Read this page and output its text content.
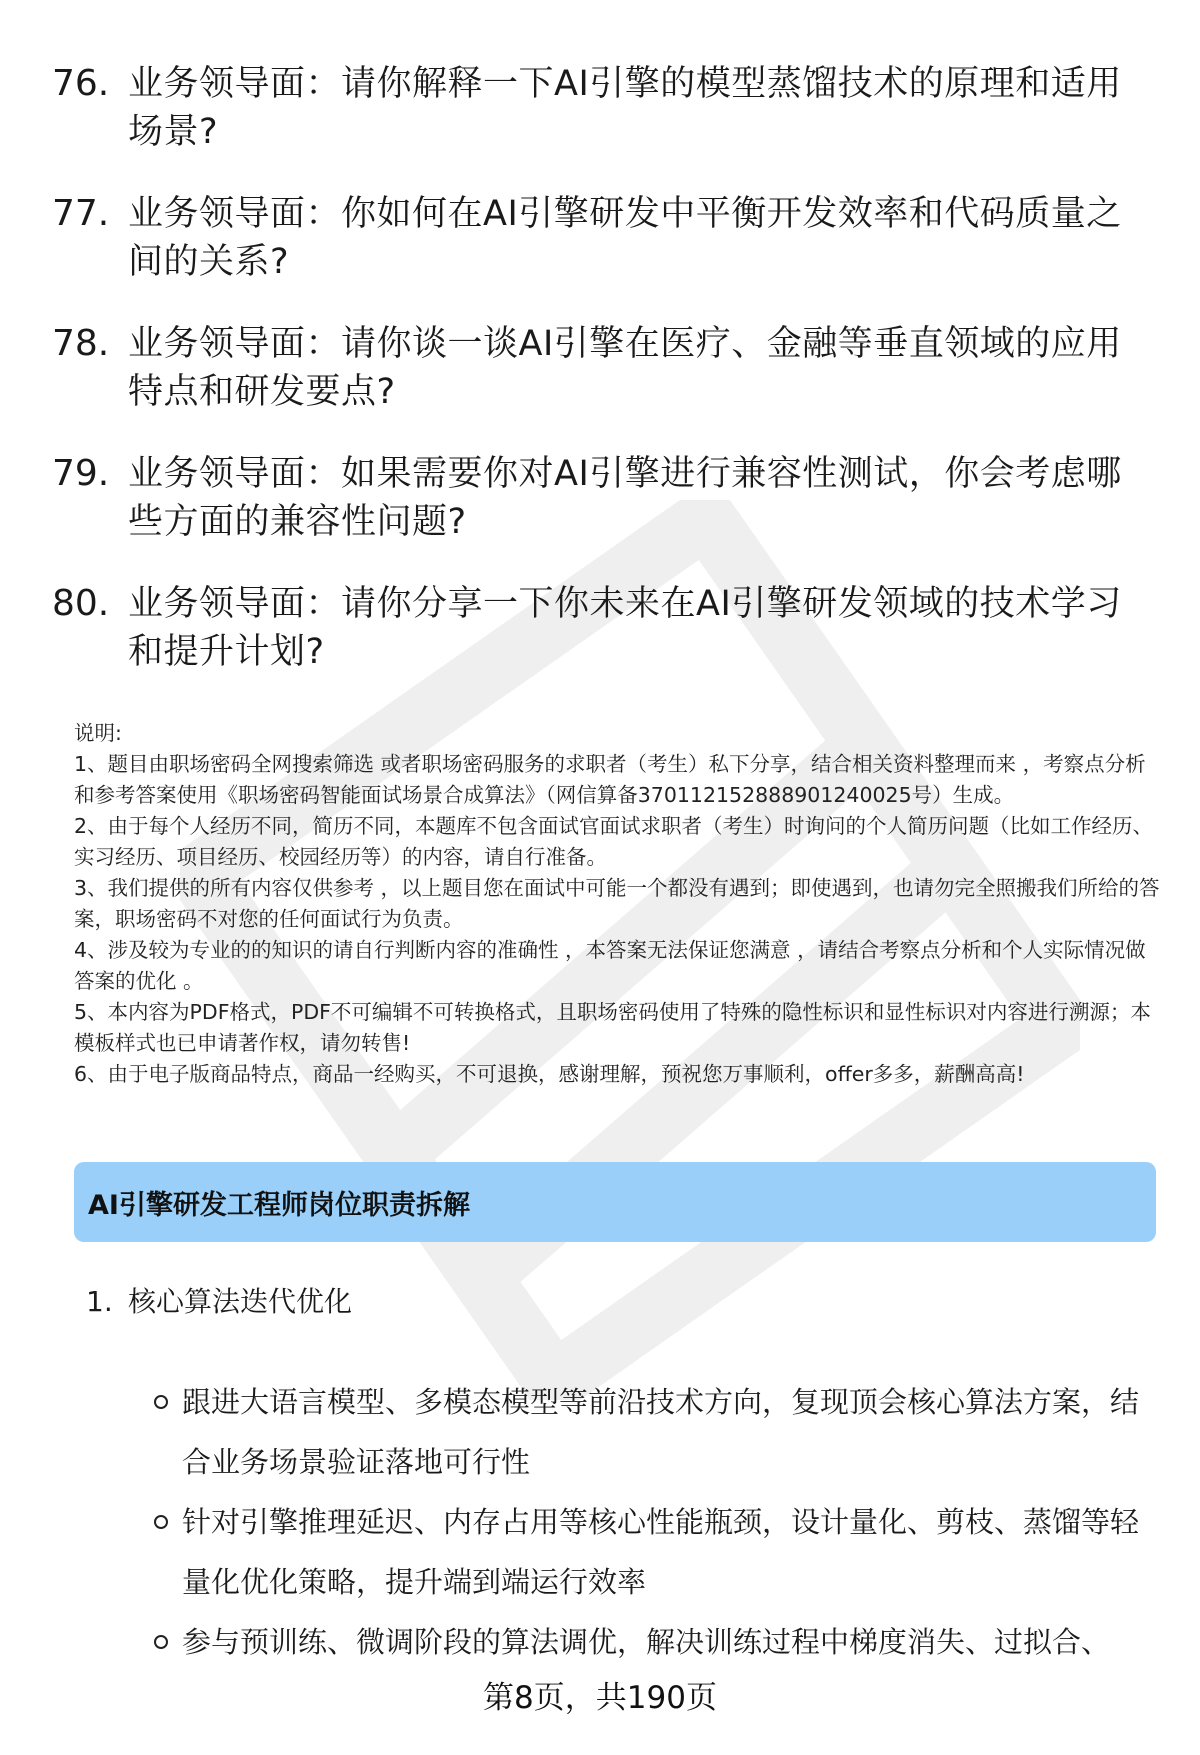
76. 业务领导面：请你解释一下AI引擎的模型蒸馏技术的原理和适用场景?
77. 业务领导面：你如何在AI引擎研发中平衡开发效率和代码质量之间的关系?
78. 业务领导面：请你谈一谈AI引擎在医疗、金融等垂直领域的应用特点和研发要点?
79. 业务领导面：如果需要你对AI引擎进行兼容性测试，你会考虑哪些方面的兼容性问题?
80. 业务领导面：请你分享一下你未来在AI引擎研发领域的技术学习和提升计划?

说明:

1、题目由职场密码全网搜索筛选 或者职场密码服务的求职者（考生）私下分享，结合相关资料整理而来 ，考察点分析和参考答案使用《职场密码智能面试场景合成算法》（网信算备370112152888901240025号）生成。

2、由于每个人经历不同，简历不同，本题库不包含面试官面试求职者（考生）时询问的个人简历问题（比如工作经历、实习经历、项目经历、校园经历等）的内容，请自行准备。

3、我们提供的所有内容仅供参考 ，以上题目您在面试中可能一个都没有遇到；即使遇到，也请勿完全照搬我们所给的答案，职场密码不对您的任何面试行为负责。

4、涉及较为专业的的知识的请自行判断内容的准确性 ，本答案无法保证您满意 ，请结合考察点分析和个人实际情况做答案的优化 。

5、本内容为PDF格式，PDF不可编辑不可转换格式，且职场密码使用了特殊的隐性标识和显性标识对内容进行溯源；本模板样式也已申请著作权，请勿转售!

6、由于电子版商品特点，商品一经购买，不可退换，感谢理解，预祝您万事顺利，offer多多，薪酬高高!

AI引擎研发工程师岗位职责拆解
1. 核心算法迭代优化
跟进大语言模型、多模态模型等前沿技术方向，复现顶会核心算法方案，结合业务场景验证落地可行性
针对引擎推理延迟、内存占用等核心性能瓶颈，设计量化、剪枝、蒸馏等轻量化优化策略，提升端到端运行效率
参与预训练、微调阶段的算法调优，解决训练过程中梯度消失、过拟合、
第8页，共190页
